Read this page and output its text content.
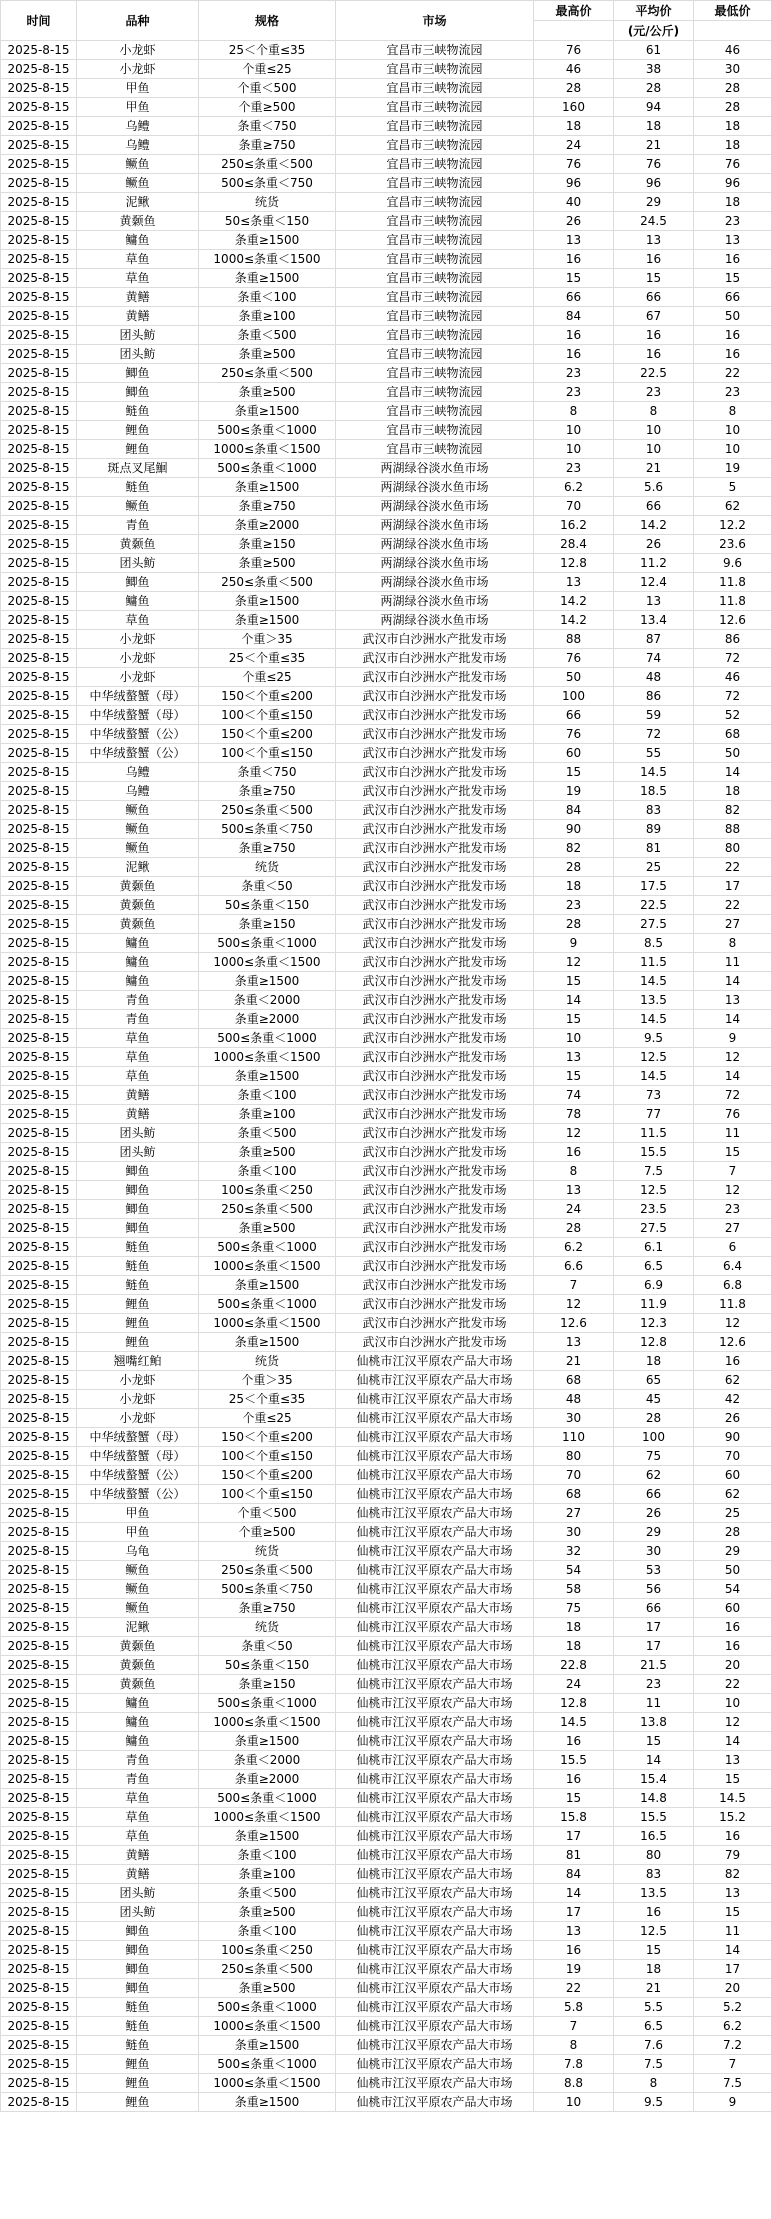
时间	品种	规格	市场	最高价	平均价	最低价
					(元/公斤)	
2025-8-15	小龙虾	25＜个重≤35	宜昌市三峡物流园	76	61	46
2025-8-15	小龙虾	个重≤25	宜昌市三峡物流园	46	38	30
2025-8-15	甲鱼	个重＜500	宜昌市三峡物流园	28	28	28
2025-8-15	甲鱼	个重≥500	宜昌市三峡物流园	160	94	28
2025-8-15	乌鳢	条重＜750	宜昌市三峡物流园	18	18	18
2025-8-15	乌鳢	条重≥750	宜昌市三峡物流园	24	21	18
2025-8-15	鳜鱼	250≤条重＜500	宜昌市三峡物流园	76	76	76
2025-8-15	鳜鱼	500≤条重＜750	宜昌市三峡物流园	96	96	96
2025-8-15	泥鳅	统货	宜昌市三峡物流园	40	29	18
2025-8-15	黄颡鱼	50≤条重＜150	宜昌市三峡物流园	26	24.5	23
2025-8-15	鳙鱼	条重≥1500	宜昌市三峡物流园	13	13	13
2025-8-15	草鱼	1000≤条重＜1500	宜昌市三峡物流园	16	16	16
2025-8-15	草鱼	条重≥1500	宜昌市三峡物流园	15	15	15
2025-8-15	黄鳝	条重＜100	宜昌市三峡物流园	66	66	66
2025-8-15	黄鳝	条重≥100	宜昌市三峡物流园	84	67	50
2025-8-15	团头鲂	条重＜500	宜昌市三峡物流园	16	16	16
2025-8-15	团头鲂	条重≥500	宜昌市三峡物流园	16	16	16
2025-8-15	鲫鱼	250≤条重＜500	宜昌市三峡物流园	23	22.5	22
2025-8-15	鲫鱼	条重≥500	宜昌市三峡物流园	23	23	23
2025-8-15	鲢鱼	条重≥1500	宜昌市三峡物流园	8	8	8
2025-8-15	鲤鱼	500≤条重＜1000	宜昌市三峡物流园	10	10	10
2025-8-15	鲤鱼	1000≤条重＜1500	宜昌市三峡物流园	10	10	10
2025-8-15	斑点叉尾鮰	500≤条重＜1000	两湖绿谷淡水鱼市场	23	21	19
2025-8-15	鲢鱼	条重≥1500	两湖绿谷淡水鱼市场	6.2	5.6	5
2025-8-15	鳜鱼	条重≥750	两湖绿谷淡水鱼市场	70	66	62
2025-8-15	青鱼	条重≥2000	两湖绿谷淡水鱼市场	16.2	14.2	12.2
2025-8-15	黄颡鱼	条重≥150	两湖绿谷淡水鱼市场	28.4	26	23.6
2025-8-15	团头鲂	条重≥500	两湖绿谷淡水鱼市场	12.8	11.2	9.6
2025-8-15	鲫鱼	250≤条重＜500	两湖绿谷淡水鱼市场	13	12.4	11.8
2025-8-15	鳙鱼	条重≥1500	两湖绿谷淡水鱼市场	14.2	13	11.8
2025-8-15	草鱼	条重≥1500	两湖绿谷淡水鱼市场	14.2	13.4	12.6
2025-8-15	小龙虾	个重＞35	武汉市白沙洲水产批发市场	88	87	86
2025-8-15	小龙虾	25＜个重≤35	武汉市白沙洲水产批发市场	76	74	72
2025-8-15	小龙虾	个重≤25	武汉市白沙洲水产批发市场	50	48	46
2025-8-15	中华绒螯蟹（母）	150＜个重≤200	武汉市白沙洲水产批发市场	100	86	72
2025-8-15	中华绒螯蟹（母）	100＜个重≤150	武汉市白沙洲水产批发市场	66	59	52
2025-8-15	中华绒螯蟹（公）	150＜个重≤200	武汉市白沙洲水产批发市场	76	72	68
2025-8-15	中华绒螯蟹（公）	100＜个重≤150	武汉市白沙洲水产批发市场	60	55	50
2025-8-15	乌鳢	条重＜750	武汉市白沙洲水产批发市场	15	14.5	14
2025-8-15	乌鳢	条重≥750	武汉市白沙洲水产批发市场	19	18.5	18
2025-8-15	鳜鱼	250≤条重＜500	武汉市白沙洲水产批发市场	84	83	82
2025-8-15	鳜鱼	500≤条重＜750	武汉市白沙洲水产批发市场	90	89	88
2025-8-15	鳜鱼	条重≥750	武汉市白沙洲水产批发市场	82	81	80
2025-8-15	泥鳅	统货	武汉市白沙洲水产批发市场	28	25	22
2025-8-15	黄颡鱼	条重＜50	武汉市白沙洲水产批发市场	18	17.5	17
2025-8-15	黄颡鱼	50≤条重＜150	武汉市白沙洲水产批发市场	23	22.5	22
2025-8-15	黄颡鱼	条重≥150	武汉市白沙洲水产批发市场	28	27.5	27
2025-8-15	鳙鱼	500≤条重＜1000	武汉市白沙洲水产批发市场	9	8.5	8
2025-8-15	鳙鱼	1000≤条重＜1500	武汉市白沙洲水产批发市场	12	11.5	11
2025-8-15	鳙鱼	条重≥1500	武汉市白沙洲水产批发市场	15	14.5	14
2025-8-15	青鱼	条重＜2000	武汉市白沙洲水产批发市场	14	13.5	13
2025-8-15	青鱼	条重≥2000	武汉市白沙洲水产批发市场	15	14.5	14
2025-8-15	草鱼	500≤条重＜1000	武汉市白沙洲水产批发市场	10	9.5	9
2025-8-15	草鱼	1000≤条重＜1500	武汉市白沙洲水产批发市场	13	12.5	12
2025-8-15	草鱼	条重≥1500	武汉市白沙洲水产批发市场	15	14.5	14
2025-8-15	黄鳝	条重＜100	武汉市白沙洲水产批发市场	74	73	72
2025-8-15	黄鳝	条重≥100	武汉市白沙洲水产批发市场	78	77	76
2025-8-15	团头鲂	条重＜500	武汉市白沙洲水产批发市场	12	11.5	11
2025-8-15	团头鲂	条重≥500	武汉市白沙洲水产批发市场	16	15.5	15
2025-8-15	鲫鱼	条重＜100	武汉市白沙洲水产批发市场	8	7.5	7
2025-8-15	鲫鱼	100≤条重＜250	武汉市白沙洲水产批发市场	13	12.5	12
2025-8-15	鲫鱼	250≤条重＜500	武汉市白沙洲水产批发市场	24	23.5	23
2025-8-15	鲫鱼	条重≥500	武汉市白沙洲水产批发市场	28	27.5	27
2025-8-15	鲢鱼	500≤条重＜1000	武汉市白沙洲水产批发市场	6.2	6.1	6
2025-8-15	鲢鱼	1000≤条重＜1500	武汉市白沙洲水产批发市场	6.6	6.5	6.4
2025-8-15	鲢鱼	条重≥1500	武汉市白沙洲水产批发市场	7	6.9	6.8
2025-8-15	鲤鱼	500≤条重＜1000	武汉市白沙洲水产批发市场	12	11.9	11.8
2025-8-15	鲤鱼	1000≤条重＜1500	武汉市白沙洲水产批发市场	12.6	12.3	12
2025-8-15	鲤鱼	条重≥1500	武汉市白沙洲水产批发市场	13	12.8	12.6
2025-8-15	翘嘴红鲌	统货	仙桃市江汉平原农产品大市场	21	18	16
2025-8-15	小龙虾	个重＞35	仙桃市江汉平原农产品大市场	68	65	62
2025-8-15	小龙虾	25＜个重≤35	仙桃市江汉平原农产品大市场	48	45	42
2025-8-15	小龙虾	个重≤25	仙桃市江汉平原农产品大市场	30	28	26
2025-8-15	中华绒螯蟹（母）	150＜个重≤200	仙桃市江汉平原农产品大市场	110	100	90
2025-8-15	中华绒螯蟹（母）	100＜个重≤150	仙桃市江汉平原农产品大市场	80	75	70
2025-8-15	中华绒螯蟹（公）	150＜个重≤200	仙桃市江汉平原农产品大市场	70	62	60
2025-8-15	中华绒螯蟹（公）	100＜个重≤150	仙桃市江汉平原农产品大市场	68	66	62
2025-8-15	甲鱼	个重＜500	仙桃市江汉平原农产品大市场	27	26	25
2025-8-15	甲鱼	个重≥500	仙桃市江汉平原农产品大市场	30	29	28
2025-8-15	乌龟	统货	仙桃市江汉平原农产品大市场	32	30	29
2025-8-15	鳜鱼	250≤条重＜500	仙桃市江汉平原农产品大市场	54	53	50
2025-8-15	鳜鱼	500≤条重＜750	仙桃市江汉平原农产品大市场	58	56	54
2025-8-15	鳜鱼	条重≥750	仙桃市江汉平原农产品大市场	75	66	60
2025-8-15	泥鳅	统货	仙桃市江汉平原农产品大市场	18	17	16
2025-8-15	黄颡鱼	条重＜50	仙桃市江汉平原农产品大市场	18	17	16
2025-8-15	黄颡鱼	50≤条重＜150	仙桃市江汉平原农产品大市场	22.8	21.5	20
2025-8-15	黄颡鱼	条重≥150	仙桃市江汉平原农产品大市场	24	23	22
2025-8-15	鳙鱼	500≤条重＜1000	仙桃市江汉平原农产品大市场	12.8	11	10
2025-8-15	鳙鱼	1000≤条重＜1500	仙桃市江汉平原农产品大市场	14.5	13.8	12
2025-8-15	鳙鱼	条重≥1500	仙桃市江汉平原农产品大市场	16	15	14
2025-8-15	青鱼	条重＜2000	仙桃市江汉平原农产品大市场	15.5	14	13
2025-8-15	青鱼	条重≥2000	仙桃市江汉平原农产品大市场	16	15.4	15
2025-8-15	草鱼	500≤条重＜1000	仙桃市江汉平原农产品大市场	15	14.8	14.5
2025-8-15	草鱼	1000≤条重＜1500	仙桃市江汉平原农产品大市场	15.8	15.5	15.2
2025-8-15	草鱼	条重≥1500	仙桃市江汉平原农产品大市场	17	16.5	16
2025-8-15	黄鳝	条重＜100	仙桃市江汉平原农产品大市场	81	80	79
2025-8-15	黄鳝	条重≥100	仙桃市江汉平原农产品大市场	84	83	82
2025-8-15	团头鲂	条重＜500	仙桃市江汉平原农产品大市场	14	13.5	13
2025-8-15	团头鲂	条重≥500	仙桃市江汉平原农产品大市场	17	16	15
2025-8-15	鲫鱼	条重＜100	仙桃市江汉平原农产品大市场	13	12.5	11
2025-8-15	鲫鱼	100≤条重＜250	仙桃市江汉平原农产品大市场	16	15	14
2025-8-15	鲫鱼	250≤条重＜500	仙桃市江汉平原农产品大市场	19	18	17
2025-8-15	鲫鱼	条重≥500	仙桃市江汉平原农产品大市场	22	21	20
2025-8-15	鲢鱼	500≤条重＜1000	仙桃市江汉平原农产品大市场	5.8	5.5	5.2
2025-8-15	鲢鱼	1000≤条重＜1500	仙桃市江汉平原农产品大市场	7	6.5	6.2
2025-8-15	鲢鱼	条重≥1500	仙桃市江汉平原农产品大市场	8	7.6	7.2
2025-8-15	鲤鱼	500≤条重＜1000	仙桃市江汉平原农产品大市场	7.8	7.5	7
2025-8-15	鲤鱼	1000≤条重＜1500	仙桃市江汉平原农产品大市场	8.8	8	7.5
2025-8-15	鲤鱼	条重≥1500	仙桃市江汉平原农产品大市场	10	9.5	9
